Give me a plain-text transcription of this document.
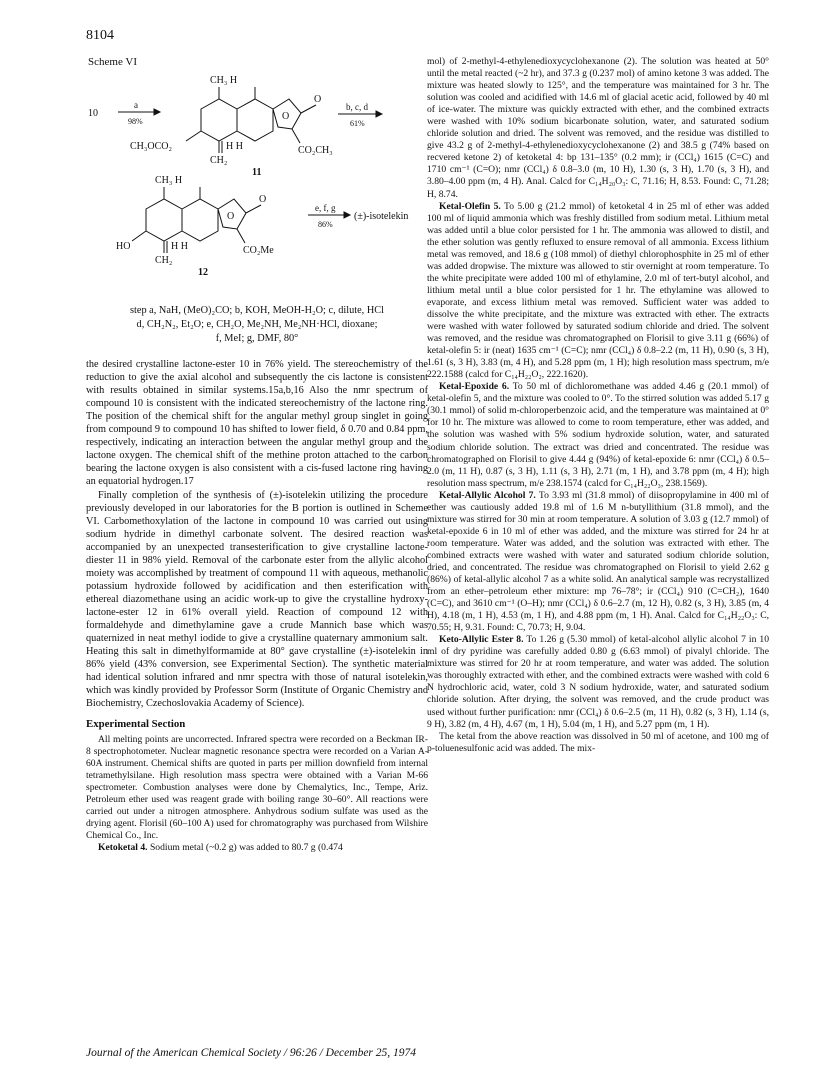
8104
Scheme VI
10
a
98%
CH₃ H
O
O
CH₃OCO₂	H H
CH₂
CO₂CH₃
11
b, c, d
61%
CH₃ H
O
O
HO	H H
CH₂
CO₂Me
12
e, f, g
86%
(±)-isotelekin
step a, NaH, (MeO)₂CO; b, KOH, MeOH-H₂O; c, dilute, HCl
d, CH₂N₂, Et₂O; e, CH₂O, Me₂NH, Me₂NH·HCl, dioxane;
f, MeI; g, DMF, 80°

the desired crystalline lactone-ester 10 in 76% yield. The stereochemistry of the reduction to give the axial alcohol and subsequently the cis lactone is consistent with results obtained in similar systems.15a,b,16 Also the nmr spectrum of compound 10 is consistent with the indicated stereochemistry of the lactone ring. The position of the chemical shift for the angular methyl group singlet in going from compound 9 to compound 10 has shifted to lower field, δ 0.70 and 0.84 ppm, respectively, indicating an interaction between the angular methyl group and the lactone oxygen. The chemical shift of the methine proton attached to the carbon bearing the lactone oxygen is also consistent with a cis-fused lactone ring having an equatorial hydrogen.17

Finally completion of the synthesis of (±)-isotelekin utilizing the procedure previously developed in our laboratories for the B portion is outlined in Scheme VI. Carbomethoxylation of the lactone in compound 10 was carried out using sodium hydride in dimethyl carbonate solvent. The desired reaction was accompanied by an unexpected transesterification to give crystalline lactone-diester 11 in 98% yield. Removal of the carbonate ester from the allylic alcohol moiety was accomplished by treatment of compound 11 with aqueous, methanolic potassium hydroxide followed by acidification and then esterification with ethereal diazomethane using an acidic work-up to give the crystalline hydroxy-lactone-ester 12 in 61% overall yield. Reaction of compound 12 with formaldehyde and dimethylamine gave a crude Mannich base which was quaternized in neat methyl iodide to give a crystalline quaternary ammonium salt. Heating this salt in dimethylformamide at 80° gave crystalline (±)-isotelekin in 86% yield (43% conversion, see Experimental Section). The synthetic material had identical solution infrared and nmr spectra with those of natural isotelekin, which was kindly provided by Professor Sorm (Institute of Organic Chemistry and Biochemistry, Czechoslovakia Academy of Science).

Experimental Section

All melting points are uncorrected. Infrared spectra were recorded on a Beckman IR-8 spectrophotometer. Nuclear magnetic resonance spectra were recorded on a Varian A-60A instrument. Chemical shifts are quoted in parts per million downfield from internal tetramethylsilane. High resolution mass spectra were obtained with a Varian M-66 spectrometer. Combustion analyses were done by Chemalytics, Inc., Tempe, Ariz. Petroleum ether used was reagent grade with boiling range 30–60°. All reactions were carried out under a nitrogen atmosphere. Anhydrous sodium sulfate was used as the drying agent. Florisil (60–100 A) used for chromatography was purchased from Wilshire Chemical Co., Inc.

Ketoketal 4. Sodium metal (~0.2 g) was added to 80.7 g (0.474

mol) of 2-methyl-4-ethylenedioxycyclohexanone (2). The solution was heated at 50° until the metal reacted (~2 hr), and 37.3 g (0.237 mol) of amino ketone 3 was added. The mixture was heated slowly to 125°, and the temperature was maintained for 3 hr. The solution was cooled and acidified with 14.6 ml of glacial acetic acid, followed by 40 ml of ice-water. The mixture was quickly extracted with ether, and the combined extracts were washed with 10% sodium bicarbonate solution, water, and saturated sodium chloride solution and dried. The solvent was removed, and the residue was distilled to give 43.2 g of 2-methyl-4-ethylenedioxycyclohexanone (2) and 38.5 g (74% based on recvered ketone 2) of ketoketal 4: bp 131–135° (0.2 mm); ir (CCl₄) 1615 (C=C) and 1710 cm⁻¹ (C=O); nmr (CCl₄) δ 0.8–3.0 (m, 10 H), 1.30 (s, 3 H), 1.70 (s, 3 H), and 3.80–4.00 ppm (m, 4 H). Anal. Calcd for C₁₄H₂₀O₃: C, 71.16; H, 8.53. Found: C, 71.28; H, 8.74.

Ketal-Olefin 5. To 5.00 g (21.2 mmol) of ketoketal 4 in 25 ml of ether was added 100 ml of liquid ammonia which was freshly distilled from sodium metal. Lithium metal was added until a blue color persisted for 1 hr. The ammonia was allowed to distil, and the ether solution was gently refluxed to ensure removal of all ammonia. Excess lithium metal was removed, and 18.6 g (108 mmol) of diethyl chlorophosphite in 25 ml of ether was added dropwise. The mixture was allowed to stir overnight at room temperature. To the white precipitate were added 100 ml of ethylamine, 2.0 ml of tert-butyl alcohol, and lithium metal until a blue color persisted for 1 hr. The ethylamine was allowed to evaporate, and excess lithium metal was removed. Sufficient water was added to dissolve the white precipitate, and the mixture was extracted with ether. The extracts were washed with water followed by saturated sodium chloride and dried. The solvent was removed, and the residue was chromatographed on Florisil to give 3.11 g (66%) of ketal-olefin 5: ir (neat) 1635 cm⁻¹ (C=C); nmr (CCl₄) δ 0.8–2.2 (m, 11 H), 0.90 (s, 3 H), 1.61 (s, 3 H), 3.83 (m, 4 H), and 5.28 ppm (m, 1 H); high resolution mass spectrum, m/e 222.1588 (calcd for C₁₄H₂₂O₂, 222.1620).

Ketal-Epoxide 6. To 50 ml of dichloromethane was added 4.46 g (20.1 mmol) of ketal-olefin 5, and the mixture was cooled to 0°. To the stirred solution was added 5.17 g (30.1 mmol) of solid m-chloroperbenzoic acid, and the temperature was maintained at 0° for 10 hr. The mixture was allowed to come to room temperature, ether was added, and the solution was washed with 5% sodium hydroxide solution, water, and saturated sodium chloride solution. The extract was dried and concentrated. The residue was chromatographed on Florisil to give 4.44 g (94%) of ketal-epoxide 6: nmr (CCl₄) δ 0.5–2.0 (m, 11 H), 0.87 (s, 3 H), 1.11 (s, 3 H), 2.71 (m, 1 H), and 3.78 ppm (m, 4 H); high resolution mass spectrum, m/e 238.1574 (calcd for C₁₄H₂₂O₃, 238.1569).

Ketal-Allylic Alcohol 7. To 3.93 ml (31.8 mmol) of diisopropylamine in 400 ml of ether was cautiously added 19.8 ml of 1.6 M n-butyllithium (31.8 mmol), and the mixture was stirred for 30 min at room temperature. A solution of 3.03 g (12.7 mmol) of ketal-epoxide 6 in 10 ml of ether was added, and the mixture was stirred for 24 hr at room temperature. Water was added, and the solution was extracted with ether. The combined extracts were washed with water and saturated sodium chloride solution, dried, and concentrated. The residue was chromatographed on Florisil to yield 2.62 g (86%) of ketal-allylic alcohol 7 as a white solid. An analytical sample was recrystallized from an ether–petroleum ether mixture: mp 76–78°; ir (CCl₄) 910 (C=CH₂), 1640 (C=C), and 3610 cm⁻¹ (O–H); nmr (CCl₄) δ 0.6–2.7 (m, 12 H), 0.82 (s, 3 H), 3.85 (m, 4 H), 4.18 (m, 1 H), 4.53 (m, 1 H), and 4.88 ppm (m, 1 H). Anal. Calcd for C₁₄H₂₂O₃: C, 70.55; H, 9.31. Found: C, 70.73; H, 9.04.

Keto-Allylic Ester 8. To 1.26 g (5.30 mmol) of ketal-alcohol allylic alcohol 7 in 10 ml of dry pyridine was carefully added 0.80 g (6.63 mmol) of pivalyl chloride. The mixture was stirred for 20 hr at room temperature, and water was added. The solution was thoroughly extracted with ether, and the combined extracts were washed with cold 6 N hydrochloric acid, water, cold 3 N sodium hydroxide, water, and saturated sodium chloride solution. After drying, the solvent was removed, and the crude product was used without further purification: nmr (CCl₄) δ 0.6–2.5 (m, 11 H), 0.82 (s, 3 H), 1.14 (s, 9 H), 3.82 (m, 4 H), 4.67 (m, 1 H), 5.04 (m, 1 H), and 5.27 ppm (m, 1 H).

The ketal from the above reaction was dissolved in 50 ml of acetone, and 100 mg of p-toluenesulfonic acid was added. The mix-

Journal of the American Chemical Society / 96:26 / December 25, 1974
